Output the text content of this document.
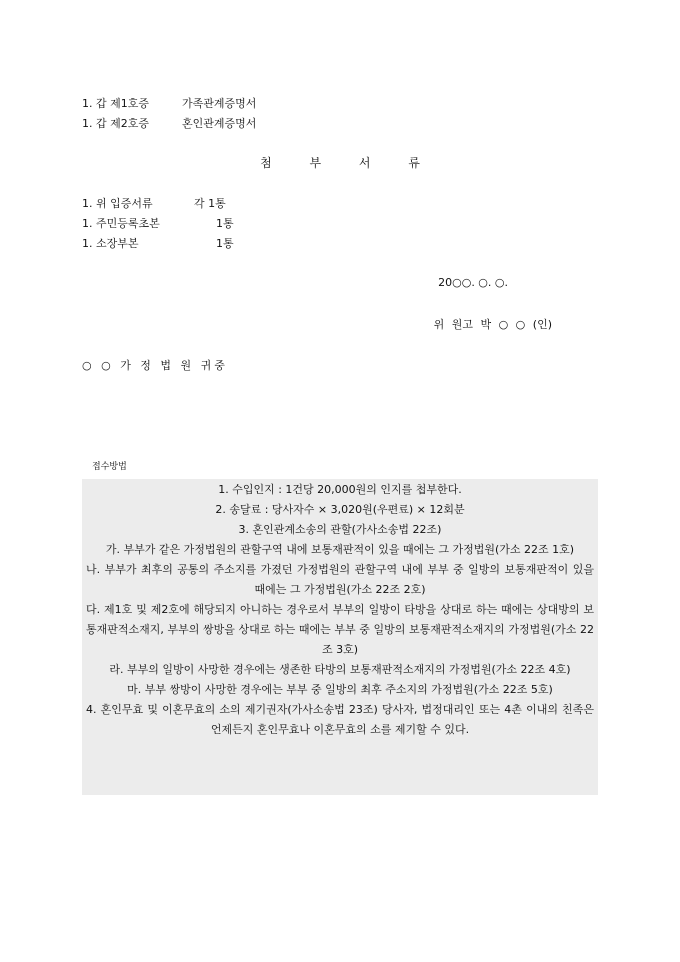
1. 갑 제1호증	가족관계증명서
1. 갑 제2호증	혼인관계증명서
첨 부 서 류
1. 위 입증서류	각 1통
1. 주민등록초본	1통
1. 소장부본	1통
20○○. ○. ○.
위 원고 박 ○ ○ (인)
○ ○ 가 정 법 원 귀중
접수방법

1. 수입인지 : 1건당 20,000원의 인지를 첩부한다.

2. 송달료 : 당사자수 × 3,020원(우편료) × 12회분

3. 혼인관계소송의 관할(가사소송법 22조)

가. 부부가 같은 가정법원의 관할구역 내에 보통재판적이 있을 때에는 그 가정법원(가소 22조 1호)

나. 부부가 최후의 공통의 주소지를 가졌던 가정법원의 관할구역 내에 부부 중 일방의 보통재판적이 있을 때에는 그 가정법원(가소 22조 2호)

다. 제1호 및 제2호에 해당되지 아니하는 경우로서 부부의 일방이 타방을 상대로 하는 때에는 상대방의 보통재판적소재지, 부부의 쌍방을 상대로 하는 때에는 부부 중 일방의 보통재판적소재지의 가정법원(가소 22조 3호)

라. 부부의 일방이 사망한 경우에는 생존한 타방의 보통재판적소재지의 가정법원(가소 22조 4호)

마. 부부 쌍방이 사망한 경우에는 부부 중 일방의 최후 주소지의 가정법원(가소 22조 5호)

4. 혼인무효 및 이혼무효의 소의 제기권자(가사소송법 23조) 당사자, 법정대리인 또는 4촌 이내의 친족은 언제든지 혼인무효나 이혼무효의 소를 제기할 수 있다.
